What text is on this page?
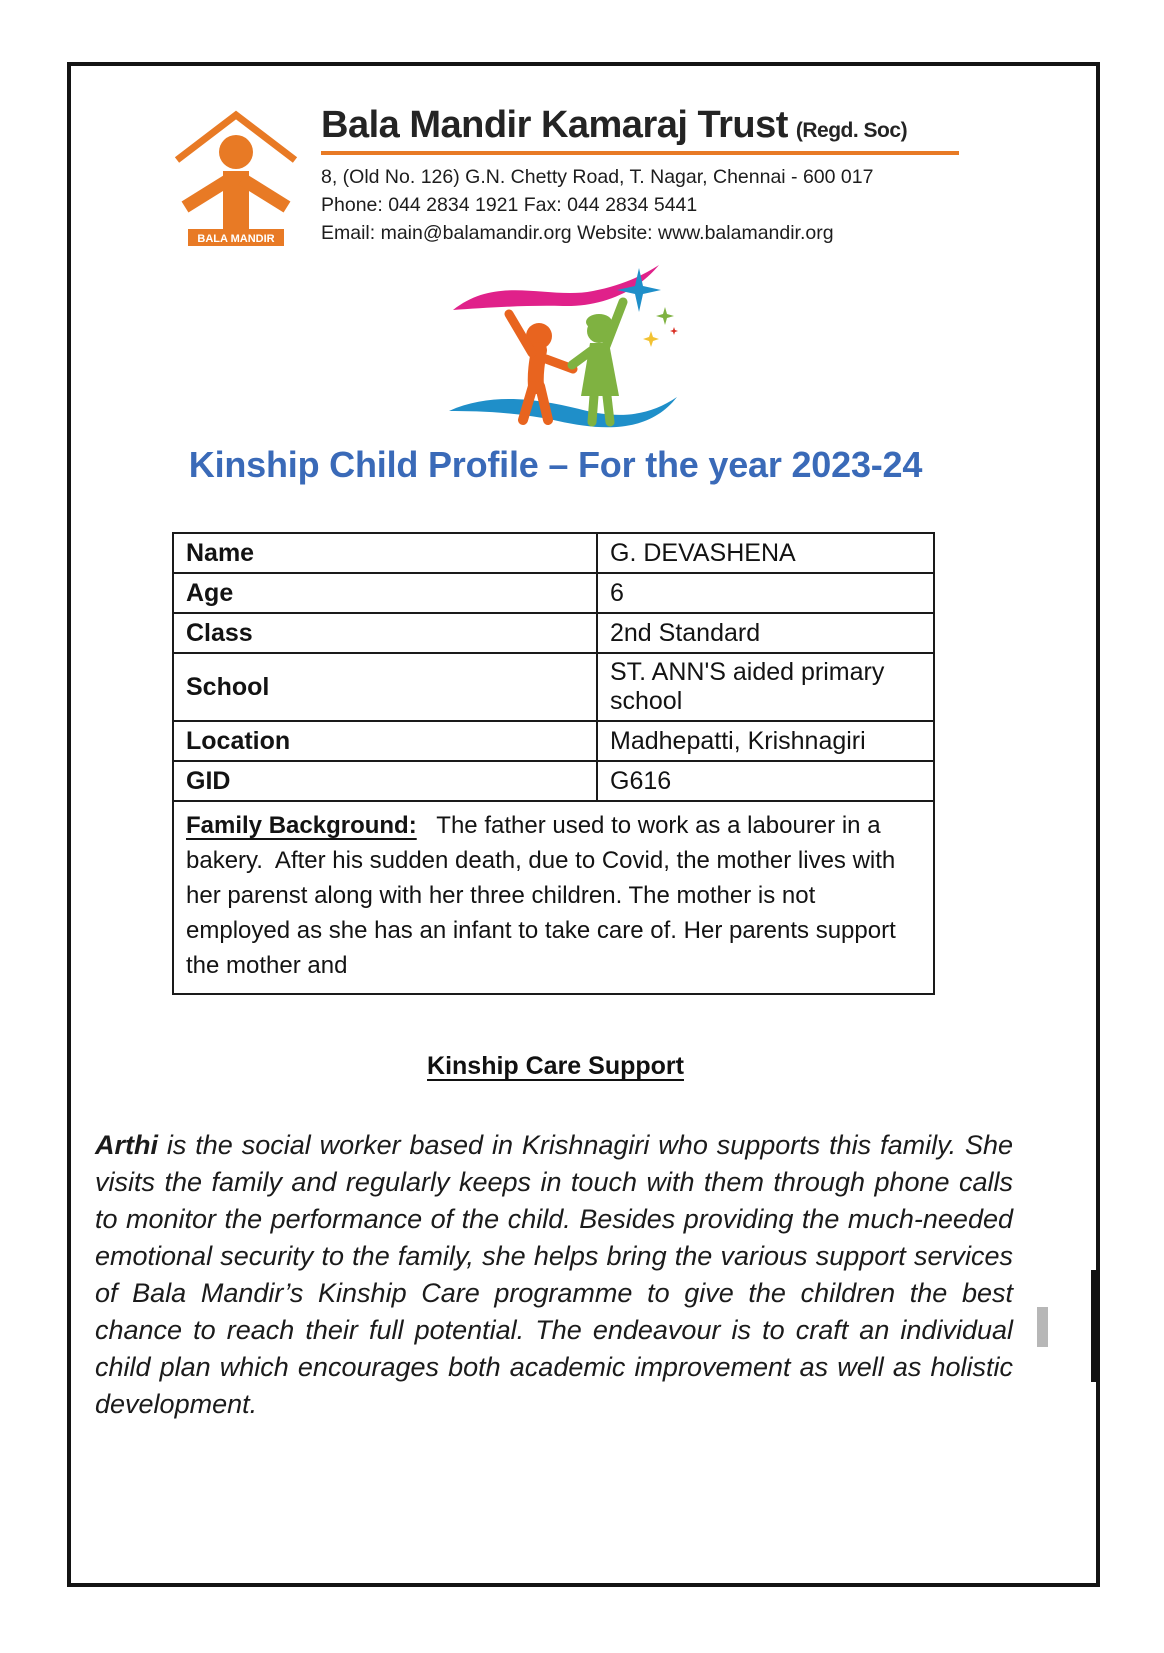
BALA MANDIR
Bala Mandir Kamaraj Trust (Regd. Soc)
8, (Old No. 126) G.N. Chetty Road, T. Nagar, Chennai - 600 017
Phone: 044 2834 1921 Fax: 044 2834 5441
Email: main@balamandir.org Website: www.balamandir.org
Kinship Child Profile – For the year 2023-24
Name	G. DEVASHENA
Age	6
Class	2nd Standard
School	ST. ANN'S aided primary school
Location	Madhepatti, Krishnagiri
GID	G616
Family Background:   The father used to work as a labourer in a bakery.  After his sudden death, due to Covid, the mother lives with her parenst along with her three children. The mother is not employed as she has an infant to take care of. Her parents support the mother and	
Kinship Care Support

Arthi is the social worker based in Krishnagiri who supports this family. She visits the family and regularly keeps in touch with them through phone calls to monitor the performance of the child. Besides providing the much-needed emotional security to the family, she helps bring the various support services of Bala Mandir’s Kinship Care programme to give the children the best chance to reach their full potential. The endeavour is to craft an individual child plan which encourages both academic improvement as well as holistic development.
